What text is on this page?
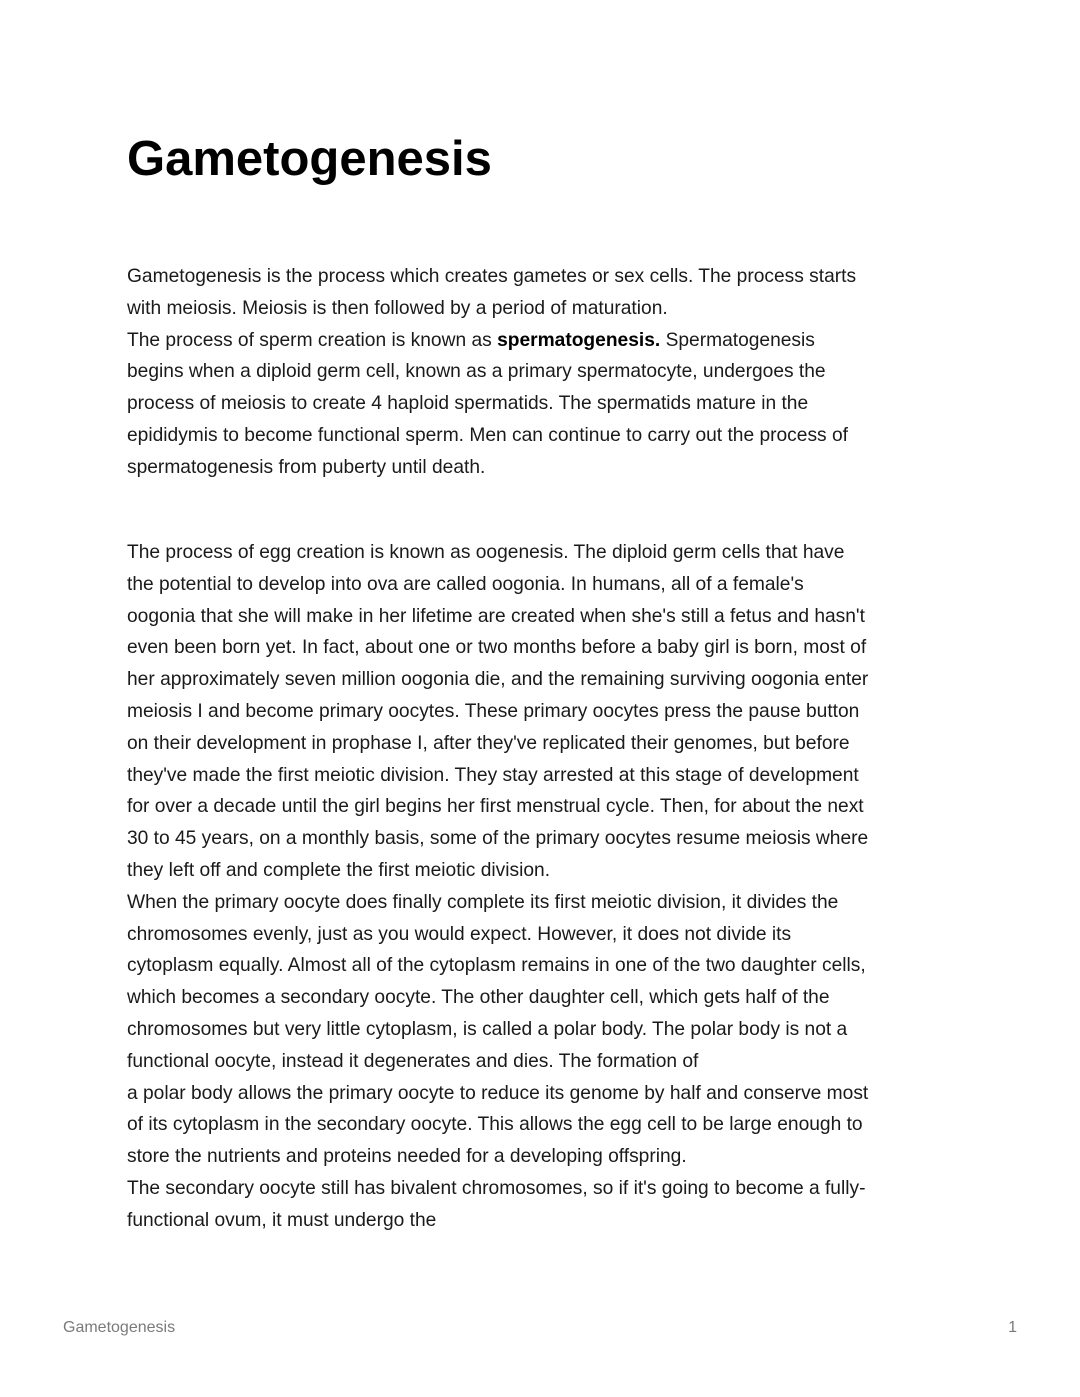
Gametogenesis
Gametogenesis is the process which creates gametes or sex cells. The process starts
with meiosis. Meiosis is then followed by a period of maturation.
The process of sperm creation is known as spermatogenesis. Spermatogenesis
begins when a diploid germ cell, known as a primary spermatocyte, undergoes the
process of meiosis to create 4 haploid spermatids. The spermatids mature in the
epididymis to become functional sperm. Men can continue to carry out the process of
spermatogenesis from puberty until death.
The process of egg creation is known as oogenesis. The diploid germ cells that have
the potential to develop into ova are called oogonia. In humans, all of a female's
oogonia that she will make in her lifetime are created when she's still a fetus and hasn't
even been born yet. In fact, about one or two months before a baby girl is born, most of
her approximately seven million oogonia die, and the remaining surviving oogonia enter
meiosis I and become primary oocytes. These primary oocytes press the pause button
on their development in prophase I, after they've replicated their genomes, but before
they've made the first meiotic division. They stay arrested at this stage of development
for over a decade until the girl begins her first menstrual cycle. Then, for about the next
30 to 45 years, on a monthly basis, some of the primary oocytes resume meiosis where
they left off and complete the first meiotic division.
When the primary oocyte does finally complete its first meiotic division, it divides the
chromosomes evenly, just as you would expect. However, it does not divide its
cytoplasm equally. Almost all of the cytoplasm remains in one of the two daughter cells,
which becomes a secondary oocyte. The other daughter cell, which gets half of the
chromosomes but very little cytoplasm, is called a polar body. The polar body is not a
functional oocyte, instead it degenerates and dies. The formation of
a polar body allows the primary oocyte to reduce its genome by half and conserve most
of its cytoplasm in the secondary oocyte. This allows the egg cell to be large enough to
store the nutrients and proteins needed for a developing offspring.
The secondary oocyte still has bivalent chromosomes, so if it's going to become a fully-
functional ovum, it must undergo the
Gametogenesis	1
